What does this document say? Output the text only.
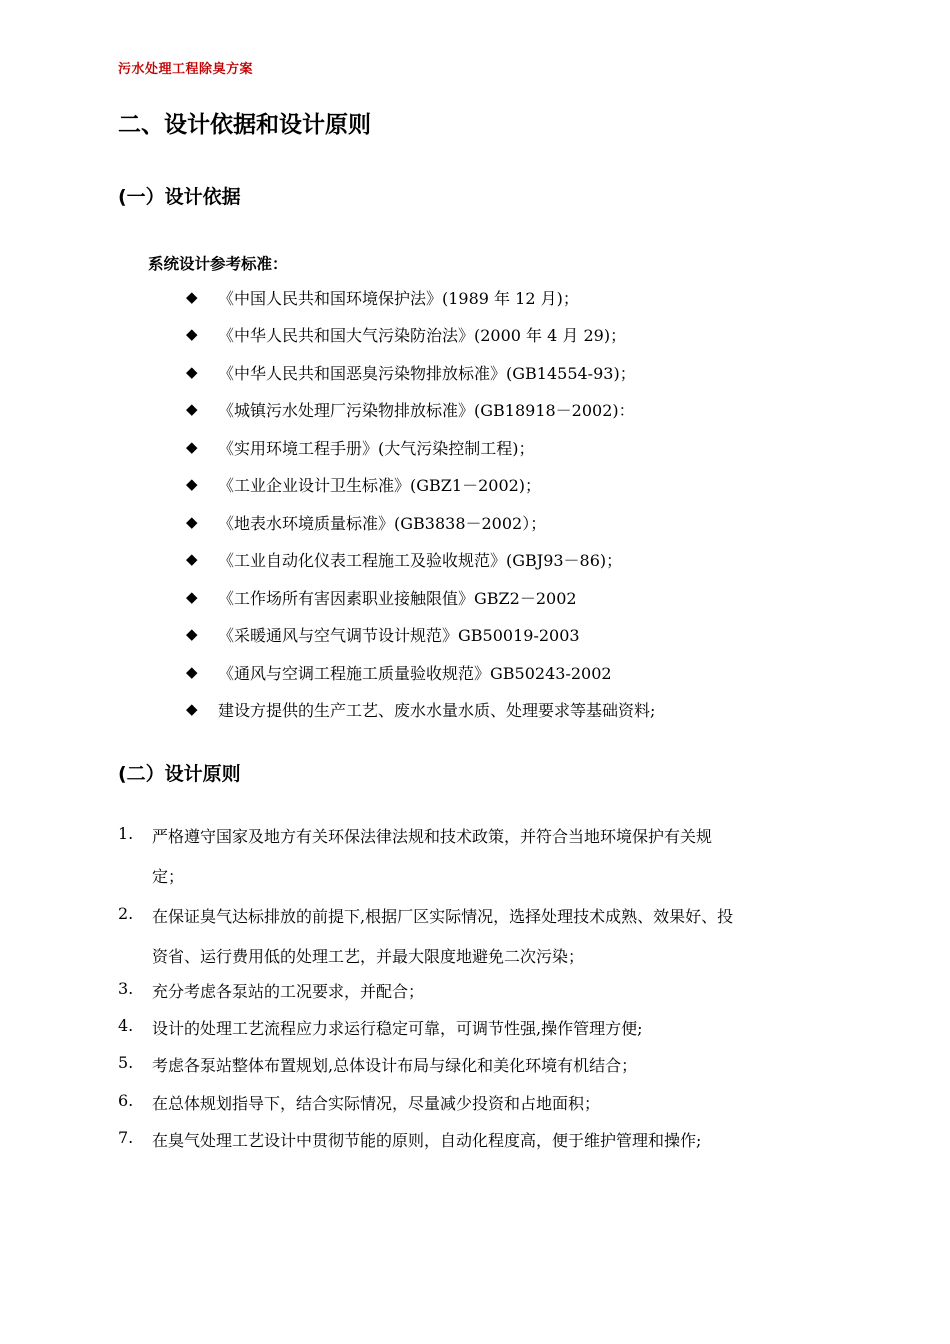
污水处理工程除臭方案
二、设计依据和设计原则
(一）设计依据
系统设计参考标准：
◆ 《中国人民共和国环境保护法》(1989 年 12 月)；
◆ 《中华人民共和国大气污染防治法》(2000 年 4 月 29)；
◆ 《中华人民共和国恶臭污染物排放标准》(GB14554-93)；
◆ 《城镇污水处理厂污染物排放标准》(GB18918－2002)：
◆ 《实用环境工程手册》(大气污染控制工程)；
◆ 《工业企业设计卫生标准》(GBZ1－2002)；
◆ 《地表水环境质量标准》(GB3838－2002）；
◆ 《工业自动化仪表工程施工及验收规范》(GBJ93－86)；
◆ 《工作场所有害因素职业接触限值》GBZ2－2002
◆ 《采暖通风与空气调节设计规范》GB50019-2003
◆ 《通风与空调工程施工质量验收规范》GB50243-2002
◆ 建设方提供的生产工艺、废水水量水质、处理要求等基础资料;
(二）设计原则
1. 严格遵守国家及地方有关环保法律法规和技术政策，并符合当地环境保护有关规
定；
2. 在保证臭气达标排放的前提下,根据厂区实际情况，选择处理技术成熟、效果好、投
资省、运行费用低的处理工艺，并最大限度地避免二次污染；
3. 充分考虑各泵站的工况要求，并配合；
4. 设计的处理工艺流程应力求运行稳定可靠，可调节性强,操作管理方便;
5. 考虑各泵站整体布置规划,总体设计布局与绿化和美化环境有机结合；
6. 在总体规划指导下，结合实际情况，尽量减少投资和占地面积；
7. 在臭气处理工艺设计中贯彻节能的原则，自动化程度高，便于维护管理和操作;
